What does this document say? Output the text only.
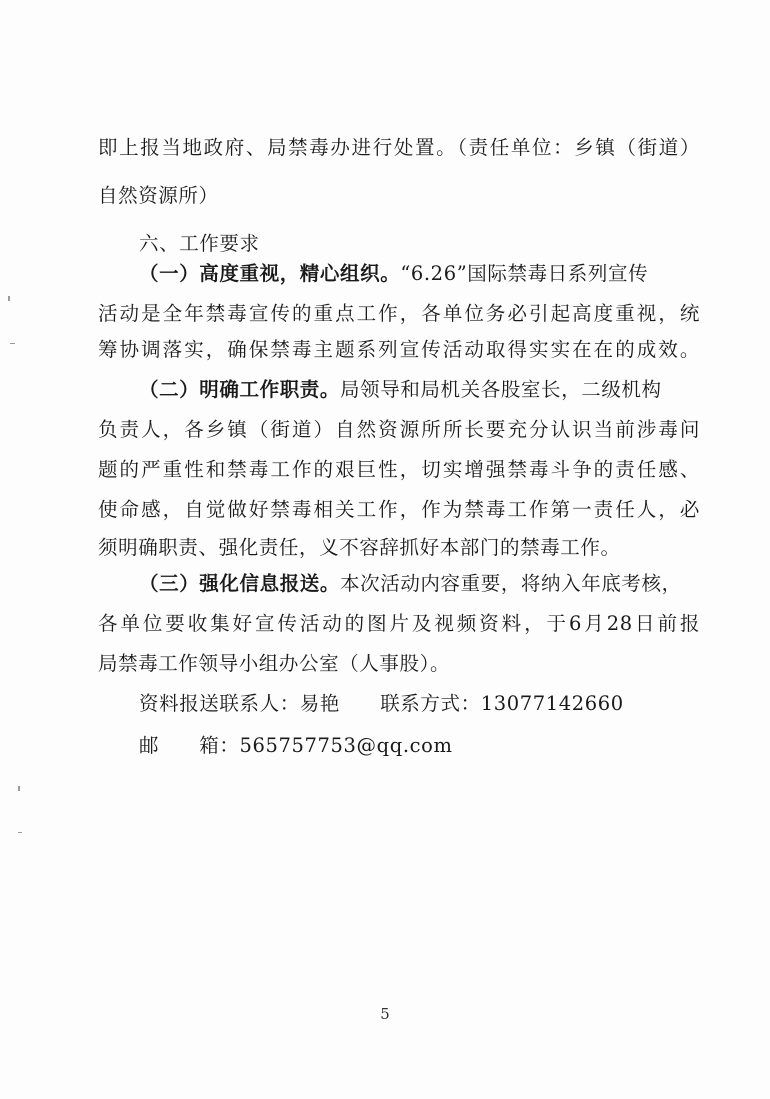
即上报当地政府、局禁毒办进行处置。（责任单位：乡镇（街道）
自然资源所）
六、工作要求
（一）高度重视，精心组织。“6.26”国际禁毒日系列宣传
活动是全年禁毒宣传的重点工作，各单位务必引起高度重视，统
筹协调落实，确保禁毒主题系列宣传活动取得实实在在的成效。
（二）明确工作职责。局领导和局机关各股室长，二级机构
负责人，各乡镇（街道）自然资源所所长要充分认识当前涉毒问
题的严重性和禁毒工作的艰巨性，切实增强禁毒斗争的责任感、
使命感，自觉做好禁毒相关工作，作为禁毒工作第一责任人，必
须明确职责、强化责任，义不容辞抓好本部门的禁毒工作。
（三）强化信息报送。本次活动内容重要，将纳入年底考核，
各单位要收集好宣传活动的图片及视频资料，于6月28日前报
局禁毒工作领导小组办公室（人事股）。
资料报送联系人：易艳　　联系方式：13077142660
邮　　箱：565757753@qq.com
5
